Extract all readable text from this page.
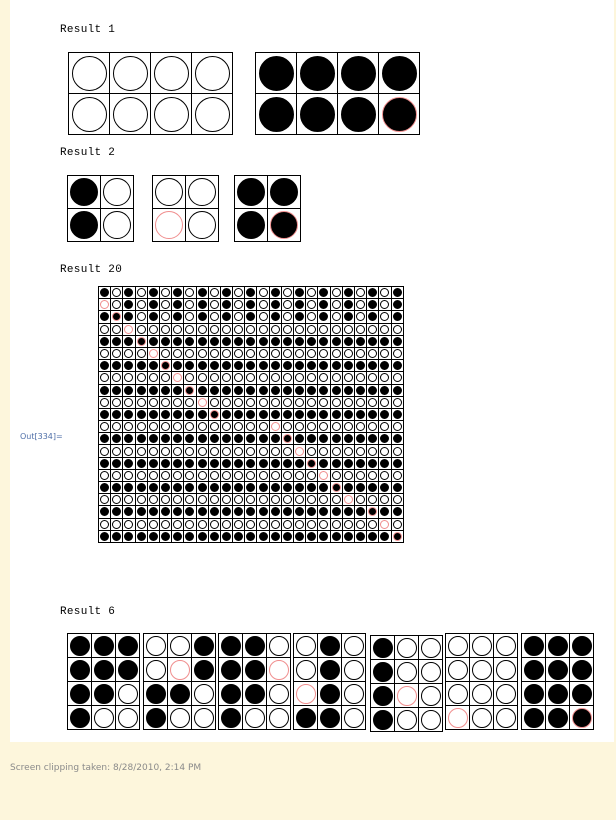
Result 1
Result 2
Result 20
Result 6
Out[334]=
Screen clipping taken: 8/28/2010, 2:14 PM
